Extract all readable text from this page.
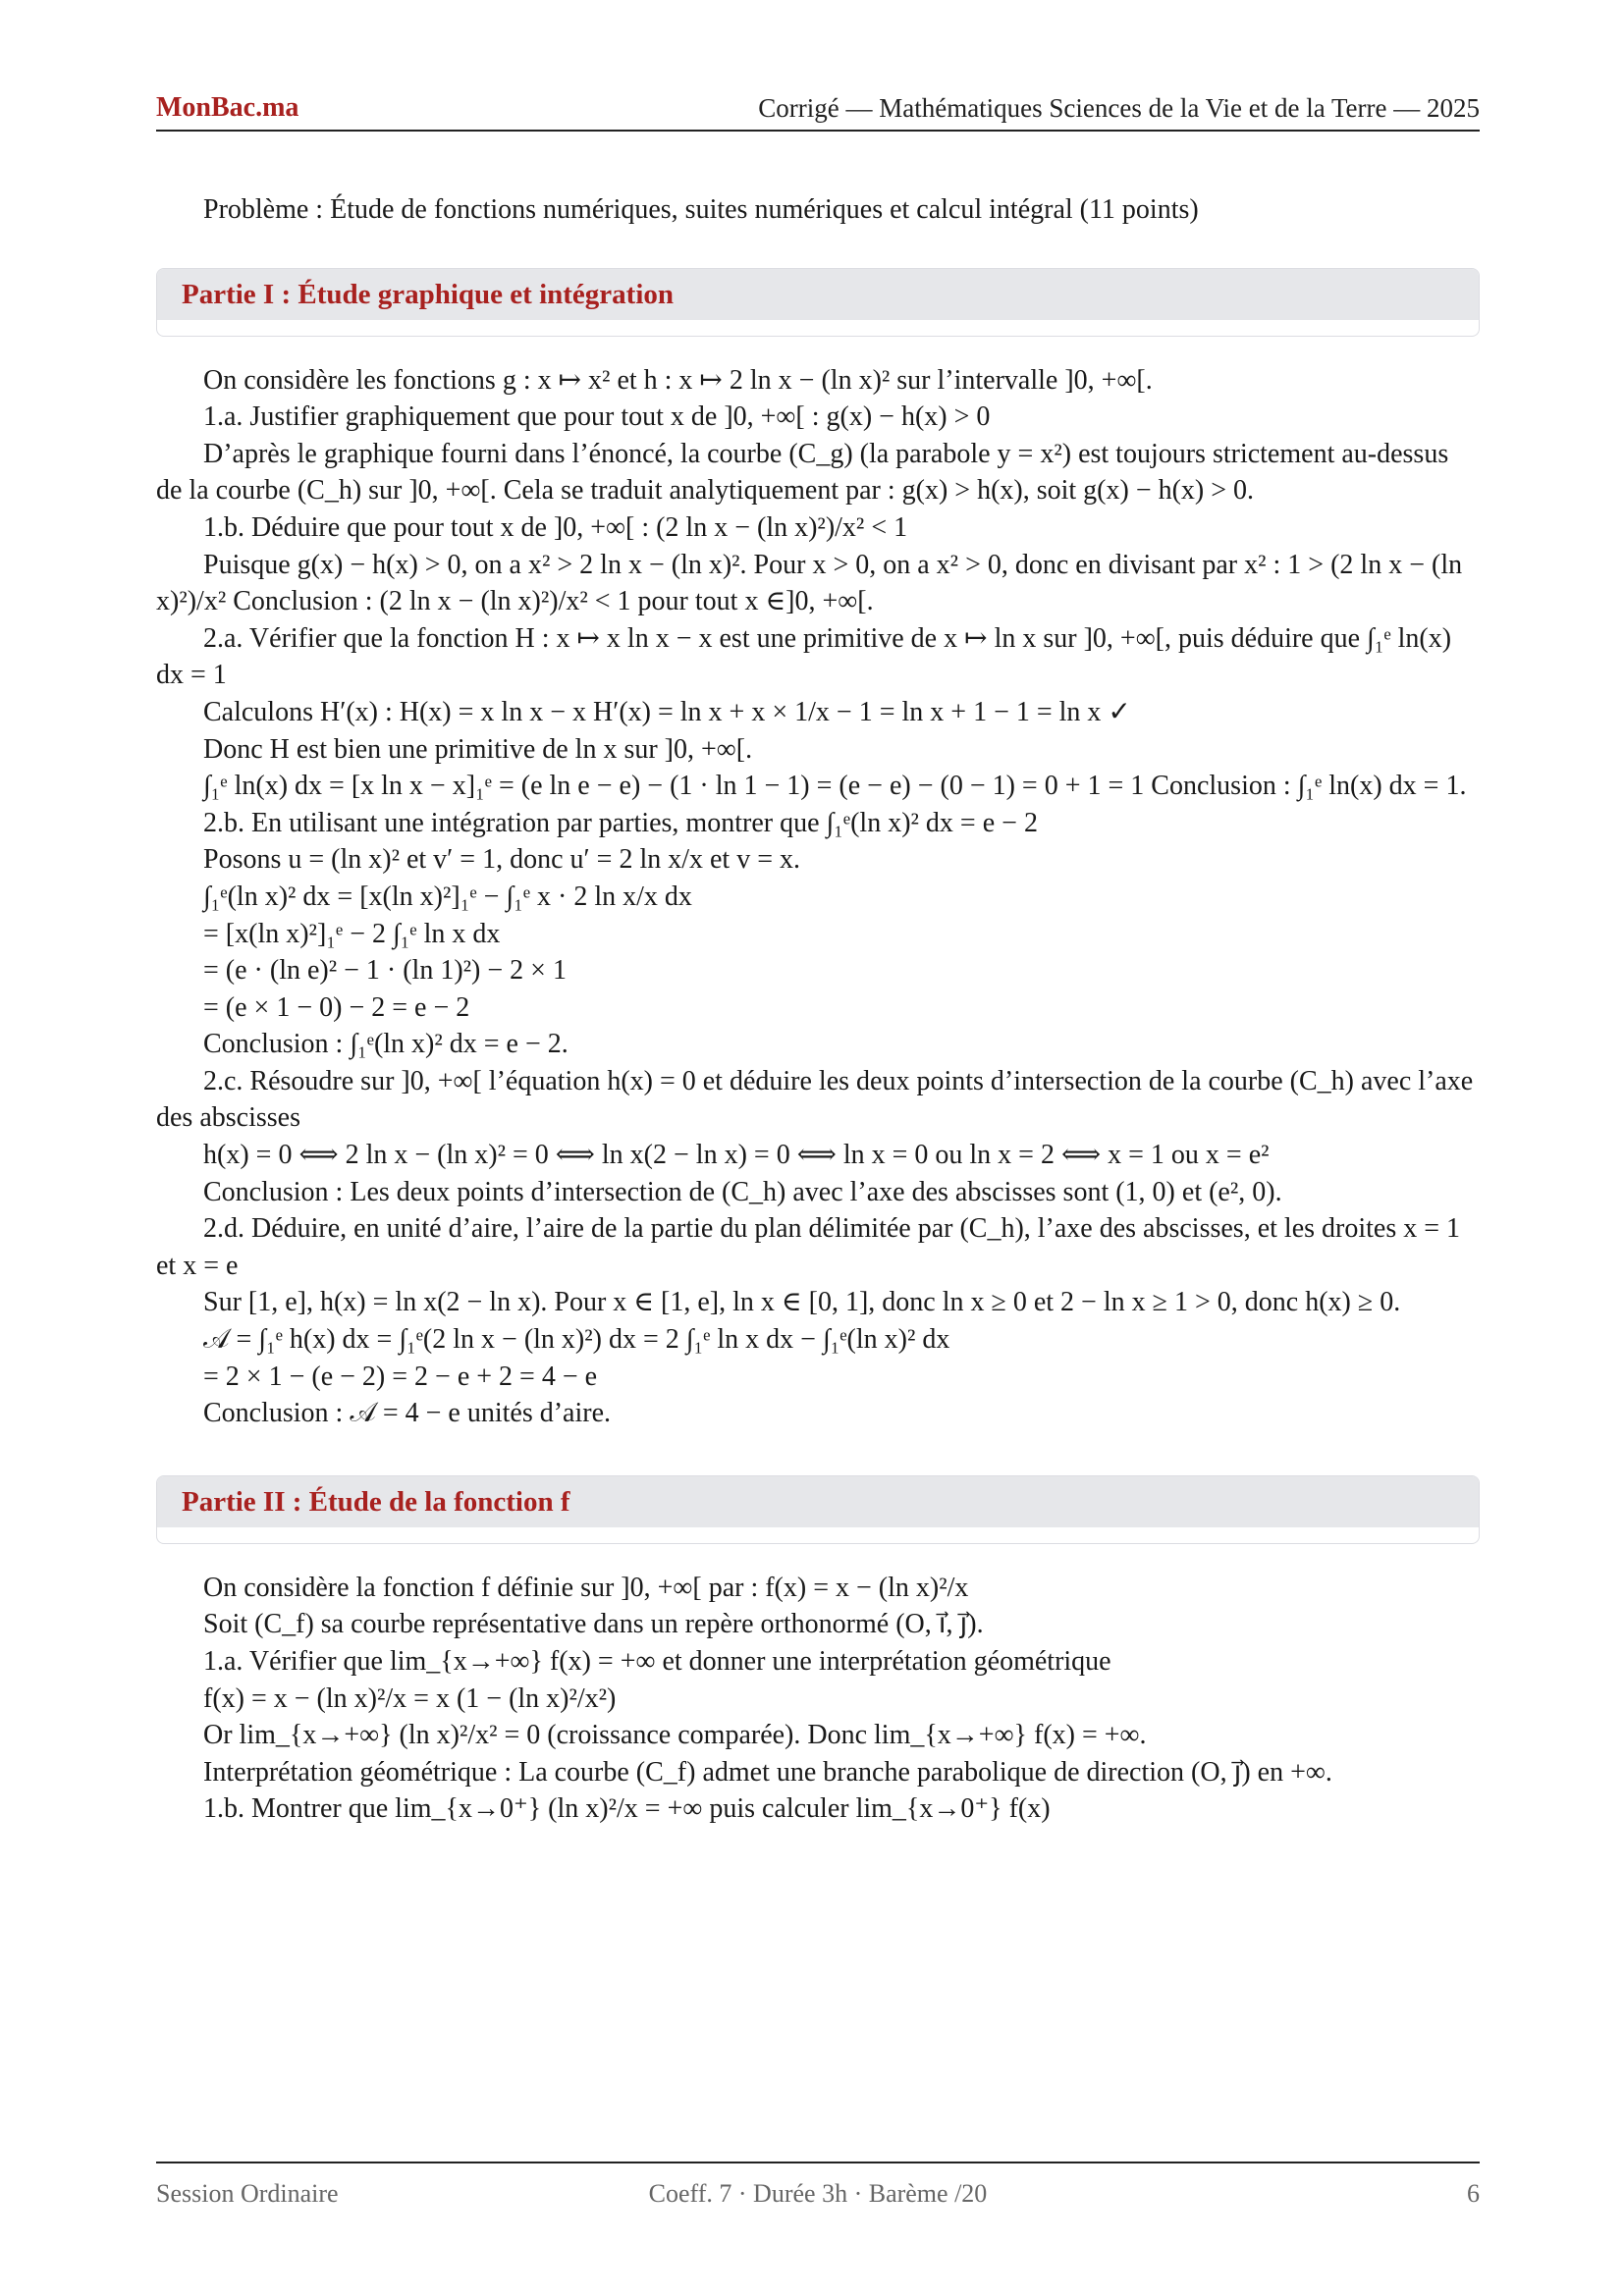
MonBac.ma	Corrigé — Mathématiques Sciences de la Vie et de la Terre — 2025

Problème : Étude de fonctions numériques, suites numériques et calcul intégral (11 points)

Partie I : Étude graphique et intégration

On considère les fonctions g : x ↦ x² et h : x ↦ 2 ln x − (ln x)² sur l’intervalle ]0, +∞[.

1.a. Justifier graphiquement que pour tout x de ]0, +∞[ : g(x) − h(x) > 0

D’après le graphique fourni dans l’énoncé, la courbe (C_g) (la parabole y = x²) est toujours strictement au-dessus de la courbe (C_h) sur ]0, +∞[. Cela se traduit analytiquement par : g(x) > h(x), soit g(x) − h(x) > 0.

1.b. Déduire que pour tout x de ]0, +∞[ : (2 ln x − (ln x)²)/x² < 1

Puisque g(x) − h(x) > 0, on a x² > 2 ln x − (ln x)². Pour x > 0, on a x² > 0, donc en divisant par x² : 1 > (2 ln x − (ln x)²)/x² Conclusion : (2 ln x − (ln x)²)/x² < 1 pour tout x ∈]0, +∞[.

2.a. Vérifier que la fonction H : x ↦ x ln x − x est une primitive de x ↦ ln x sur ]0, +∞[, puis déduire que ∫₁ᵉ ln(x) dx = 1

Calculons H′(x) : H(x) = x ln x − x H′(x) = ln x + x × 1/x − 1 = ln x + 1 − 1 = ln x ✓

Donc H est bien une primitive de ln x sur ]0, +∞[.

∫₁ᵉ ln(x) dx = [x ln x − x]₁ᵉ = (e ln e − e) − (1 · ln 1 − 1) = (e − e) − (0 − 1) = 0 + 1 = 1 Conclusion : ∫₁ᵉ ln(x) dx = 1.

2.b. En utilisant une intégration par parties, montrer que ∫₁ᵉ(ln x)² dx = e − 2

Posons u = (ln x)² et v′ = 1, donc u′ = 2 ln x/x et v = x.

∫₁ᵉ(ln x)² dx = [x(ln x)²]₁ᵉ − ∫₁ᵉ x · 2 ln x/x dx

= [x(ln x)²]₁ᵉ − 2 ∫₁ᵉ ln x dx

= (e · (ln e)² − 1 · (ln 1)²) − 2 × 1

= (e × 1 − 0) − 2 = e − 2

Conclusion : ∫₁ᵉ(ln x)² dx = e − 2.

2.c. Résoudre sur ]0, +∞[ l’équation h(x) = 0 et déduire les deux points d’intersection de la courbe (C_h) avec l’axe des abscisses

h(x) = 0 ⟺ 2 ln x − (ln x)² = 0 ⟺ ln x(2 − ln x) = 0 ⟺ ln x = 0 ou ln x = 2 ⟺ x = 1 ou x = e²

Conclusion : Les deux points d’intersection de (C_h) avec l’axe des abscisses sont (1, 0) et (e², 0).

2.d. Déduire, en unité d’aire, l’aire de la partie du plan délimitée par (C_h), l’axe des abscisses, et les droites x = 1 et x = e

Sur [1, e], h(x) = ln x(2 − ln x). Pour x ∈ [1, e], ln x ∈ [0, 1], donc ln x ≥ 0 et 2 − ln x ≥ 1 > 0, donc h(x) ≥ 0.

𝒜 = ∫₁ᵉ h(x) dx = ∫₁ᵉ(2 ln x − (ln x)²) dx = 2 ∫₁ᵉ ln x dx − ∫₁ᵉ(ln x)² dx

= 2 × 1 − (e − 2) = 2 − e + 2 = 4 − e

Conclusion : 𝒜 = 4 − e unités d’aire.

Partie II : Étude de la fonction f

On considère la fonction f définie sur ]0, +∞[ par : f(x) = x − (ln x)²/x

Soit (C_f) sa courbe représentative dans un repère orthonormé (O, i⃗, j⃗).

1.a. Vérifier que lim_{x→+∞} f(x) = +∞ et donner une interprétation géométrique

f(x) = x − (ln x)²/x = x (1 − (ln x)²/x²)

Or lim_{x→+∞} (ln x)²/x² = 0 (croissance comparée). Donc lim_{x→+∞} f(x) = +∞.

Interprétation géométrique : La courbe (C_f) admet une branche parabolique de direction (O, j⃗) en +∞.

1.b. Montrer que lim_{x→0⁺} (ln x)²/x = +∞ puis calculer lim_{x→0⁺} f(x)

Session Ordinaire	Coeff. 7 · Durée 3h · Barème /20	6
